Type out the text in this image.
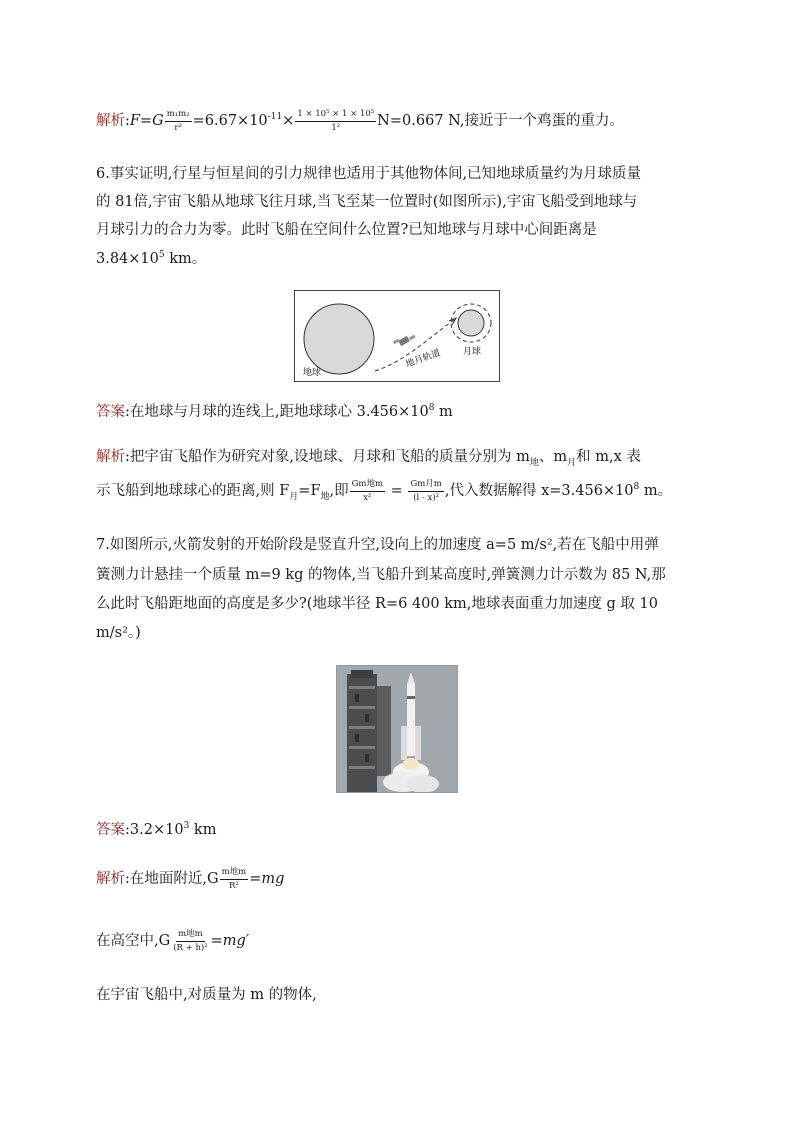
解析:F=G $\frac{\text{m₁m₂}}{\text{r²}} =6.67\times 10^{-11}\times \frac{\text{1 × 10⁵ × 1 × 10⁵}}{\text{1²}} N=0.667$ N,接近于一个鸡蛋的重力。
6.事实证明,行星与恒星间的引力规律也适用于其他物体间,已知地球质量约为月球质量
的 81倍,宇宙飞船从地球飞往月球,当飞至某一位置时(如图所示),宇宙飞船受到地球与
月球引力的合力为零。此时飞船在空间什么位置?已知地球与月球中心间距离是
$3.84\times 10^5$ km。
地球
地月轨道 月球
答案:在地球与月球的连线上,距地球球心 $3.456\times 10^8$ m
解析:把宇宙飞船作为研究对象,设地球、月球和飞船的质量分别为 $m_地$、$m_月$和 m,x 表
示飞船到地球球心的距离,则 $F_月=F_地$,即 $\frac{\text{Gm地m}}{\text{x²}} = \frac{\text{Gm月m}}{\text{(l - x)²}}$ ,代入数据解得 $x=3.456\times 10^8$ m。
7.如图所示,火箭发射的开始阶段是竖直升空,设向上的加速度 a=5 m/s²,若在飞船中用弹
簧测力计悬挂一个质量 m=9 kg 的物体,当飞船升到某高度时,弹簧测力计示数为 85 N,那
么此时飞船距地面的高度是多少?(地球半径 R=6 400 km,地球表面重力加速度 g 取 10
m/s²。)
答案$:3.2\times 10^3$ km
解析:在地面附近$,G \frac{\text{m地m}}{\text{R²}} =mg$
在高空中$,G \frac{\text{m地m}}{\text{(R + h)²}} =mg'$
在宇宙飞船中,对质量为 m 的物体,
